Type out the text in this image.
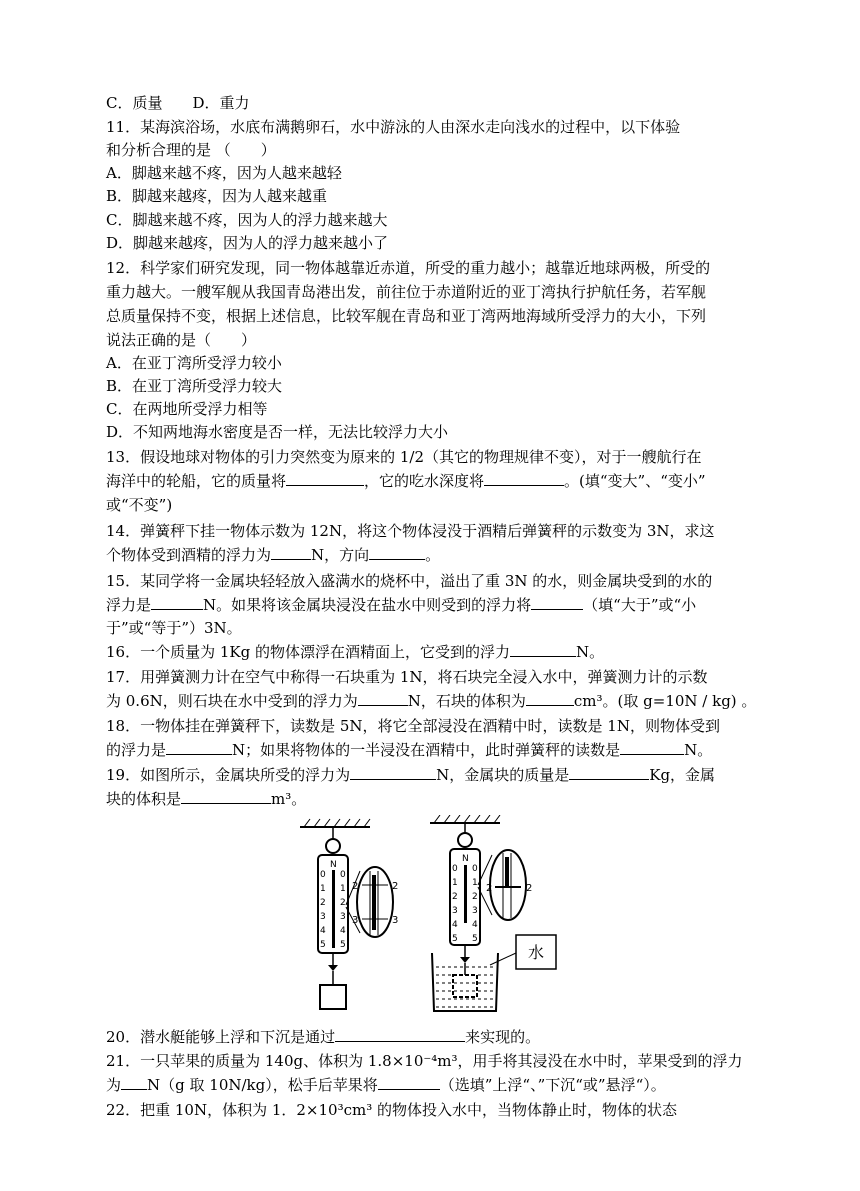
C．质量　　D．重力
11．某海滨浴场，水底布满鹅卵石，水中游泳的人由深水走向浅水的过程中，以下体验
和分析合理的是 （　　）
A．脚越来越不疼，因为人越来越轻
B．脚越来越疼，因为人越来越重
C．脚越来越不疼，因为人的浮力越来越大
D．脚越来越疼，因为人的浮力越来越小了
12．科学家们研究发现，同一物体越靠近赤道，所受的重力越小；越靠近地球两极，所受的
重力越大。一艘军舰从我国青岛港出发，前往位于赤道附近的亚丁湾执行护航任务，若军舰
总质量保持不变，根据上述信息，比较军舰在青岛和亚丁湾两地海域所受浮力的大小，下列
说法正确的是（　　）
A．在亚丁湾所受浮力较小
B．在亚丁湾所受浮力较大
C．在两地所受浮力相等
D．不知两地海水密度是否一样，无法比较浮力大小
13．假设地球对物体的引力突然变为原来的 1/2（其它的物理规律不变），对于一艘航行在
海洋中的轮船，它的质量将	，它的吃水深度将	。(填“变大”、“变小”
或“不变”)
14．弹簧秤下挂一物体示数为 12N，将这个物体浸没于酒精后弹簧秤的示数变为 3N，求这
个物体受到酒精的浮力为	N，方向	。
15．某同学将一金属块轻轻放入盛满水的烧杯中，溢出了重 3N 的水，则金属块受到的水的
浮力是	N。如果将该金属块浸没在盐水中则受到的浮力将	（填“大于”或“小
于”或“等于”）3N。
16．一个质量为 1Kg 的物体漂浮在酒精面上，它受到的浮力	N。
17．用弹簧测力计在空气中称得一石块重为 1N，将石块完全浸入水中，弹簧测力计的示数
为 0.6N，则石块在水中受到的浮力为	N，石块的体积为	cm³。(取 g=10N / kg) 。
18．一物体挂在弹簧秤下，读数是 5N，将它全部浸没在酒精中时，读数是 1N，则物体受到
的浮力是	N；如果将物体的一半浸没在酒精中，此时弹簧秤的读数是	N。
19．如图所示，金属块所受的浮力为	N，金属块的质量是	Kg，金属
块的体积是	m³。
N
0 0
1 1
2 2
3 3
4 4
5 5
2	2
3	3
N
0 0
1 1
2 2
3 3
4 4
5 5
水
2	2
20．潜水艇能够上浮和下沉是通过	来实现的。
21．一只苹果的质量为 140g、体积为 1.8×10⁻⁴m³，用手将其浸没在水中时，苹果受到的浮力
为 N（g 取 10N/kg），松手后苹果将	（选填”上浮“、”下沉“或”悬浮“）。
22．把重 10N，体积为 1．2×10³cm³ 的物体投入水中，当物体静止时，物体的状态
